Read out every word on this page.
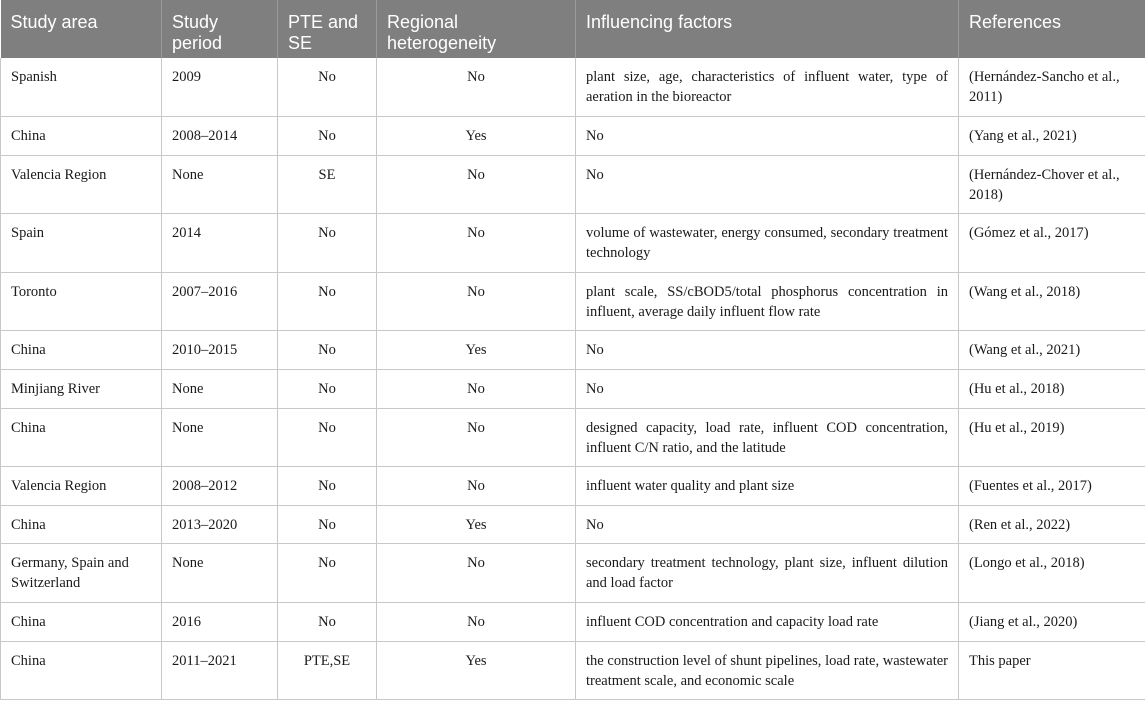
Study area	Study period	PTE and SE	Regional heterogeneity	Influencing factors	References
Spanish	2009	No	No	plant size, age, characteristics of influent water, type of aeration in the bioreactor	(Hernández-Sancho et al., 2011)
China	2008–2014	No	Yes	No	(Yang et al., 2021)
Valencia Region	None	SE	No	No	(Hernández-Chover et al., 2018)
Spain	2014	No	No	volume of wastewater, energy consumed, secondary treatment technology	(Gómez et al., 2017)
Toronto	2007–2016	No	No	plant scale, SS/cBOD5/total phosphorus concentration in influent, average daily influent flow rate	(Wang et al., 2018)
China	2010–2015	No	Yes	No	(Wang et al., 2021)
Minjiang River	None	No	No	No	(Hu et al., 2018)
China	None	No	No	designed capacity, load rate, influent COD concentration, influent C/N ratio, and the latitude	(Hu et al., 2019)
Valencia Region	2008–2012	No	No	influent water quality and plant size	(Fuentes et al., 2017)
China	2013–2020	No	Yes	No	(Ren et al., 2022)
Germany, Spain and Switzerland	None	No	No	secondary treatment technology, plant size, influent dilution and load factor	(Longo et al., 2018)
China	2016	No	No	influent COD concentration and capacity load rate	(Jiang et al., 2020)
China	2011–2021	PTE,SE	Yes	the construction level of shunt pipelines, load rate, wastewater treatment scale, and economic scale	This paper
